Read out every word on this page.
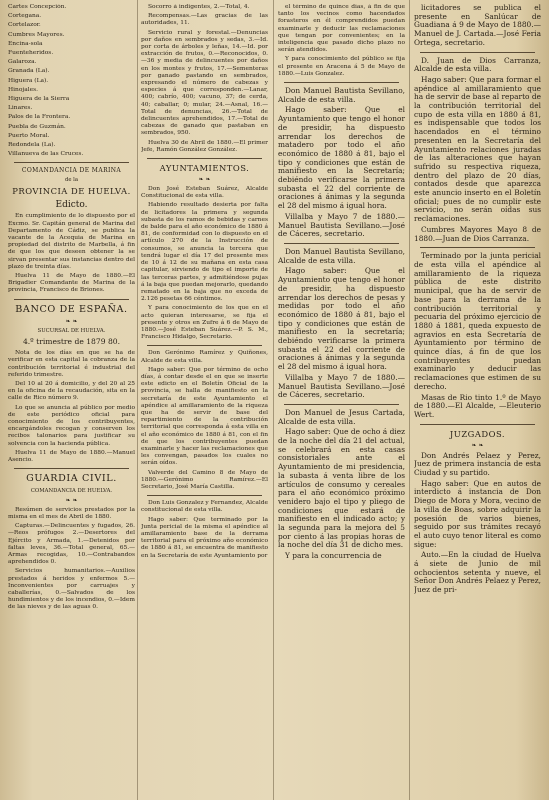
Cartes Concepción.

Cortegana.

Cortelazor.

Cumbres Mayores.

Encina-sola

Fuenteheridos.

Galaroza.

Granada (La).

Higuera (La).

Hinojales.

Higuera de la Sierra

Linares.

Palos de la Frontera.

Puebla de Guzmán.

Puerto Moral.

Redondela (La).

Villanueva de las Cruces.

COMANDANCIA DE MARINA
de la
PROVINCIA DE HUELVA.
Edicto.

En cumplimiento de lo dispuesto por el Excmo. Sr. Capitán general de Marina del Departamento de Cádiz, se publica la vacante de la Acequia de Marina en propiedad del distrito de Marbella, á fin de que los que deseen obtener la se sirvan presentar sus instancias dentro del plazo de treinta días.

Huelva 11 de Mayo de 1880.—El Brigadier Comandante de Marina de la provincia, Francisco de Briones.

BANCO DE ESPAÑA.
❧ ❧
SUCURSAL DE HUELVA.
4.º trimestre de 1879 80.

Nota de los días en que se ha de verificar en esta capital la cobranza de la contribución territorial é industrial del referido trimestre.

Del 10 al 20 á domicilio, y del 20 al 25 en la oficina de la recaudación, sita en la calle de Rico número 9.

Lo que se anuncia al público por medio de este periódico oficial para conocimiento de los contribuyentes, encargándoles recogan y conserven los recibos talonarios para justificar su solvencia con la hacienda pública.

Huelva 11 de Mayo de 1880.—Manuel Asencio.

GUARDIA CIVIL.
COMANDANCIA DE HUELVA.
❧ ❧

Resúmen de servicios prestados por la misma en el mes de Abril de 1880.

Capturas.—Delincuentes y fugados, 26.—Reos prófugos 2.—Desertores del Ejército y Armada, 1.—Detenidos por faltas leves, 36.—Total general, 65.—Armas recogidas, 10.—Contrabandos aprehendidos 0.

Servicios humanitarios.—Auxilios prestados á heridos y enfermos 5.—Inconvenientes por carruajes y caballerías, 0.—Salvados de los hundimientos y de los incendios, 0.—Idem de las nieves y de las aguas 0.

Socorro á indigentes, 2.—Total, 4.

Recompensas.—Las gracias de las autoridades, 11.

Servicio rural y forestal.—Denuncias por daños en sembrados y sedas, 3.—Id. por corta de árboles y leñas, 14.—Id. por extracción de frutos, 0.—Reconocidos, 0.—36 y media de delincuentes por daños en los montes y frutos, 17.—Sementeras por ganado pastando en sembrados, expresando el número de cabezas y especies á que corresponden.—Lanar, 400; cabrío, 400; vacuno, 37; de cerda, 40; caballar, 0; mular, 24.—Asnal, 16.—Total de denuncias, 26.—Total de delincuentes aprehendidos, 17.—Total de cabezas de ganado que pastaban en sembrados, 950.

Huelva 30 de Abril de 1880.—El primer Jefe, Ramón González González.

AYUNTAMIENTOS.
❧ ❧

Don José Esteban Suárez, Alcalde Constitucional de esta villa.

Habiendo resultado desierta por falta de licitadores la primera y segunda subasta de los ramos de bebidas y carnes de balde para el año económico de 1880 á 81, de conformidad con lo dispuesto en el artículo 270 de la Instrucción de consumos, se anuncia la tercera que tendrá lugar el día 17 del presente mes de 10 á 12 de su mañana en esta casa capitular, sirviendo de tipo el importe de las terceras partes, y admitiéndose pujas á la baja que puedan mejorarlo, quedando rematado en la baja que no exceda de 2.126 pesetas 66 céntimos.

Y para conocimiento de los que en el acto quieran interesarse, se fija el presente y otros en Zufre á 6 de Mayo de 1880.—José Esteban Suárez.—P. S. M., Francisco Hidalgo, Secretario.

Don Gerónimo Ramírez y Quiñones, Alcalde de esta villa.

Hago saber: Que por término de ocho días, á contar desde el en que se inserte este edicto en el Boletín Oficial de la provincia, se halla de manifiesto en la secretaría de este Ayuntamiento el apéndice al amillaramiento de la riqueza que ha de servir de base del repartimiento de la contribución territorial que corresponda á esta villa en el año económico de 1880 á 81, con el fin de que los contribuyentes puedan examinarle y hacer las reclamaciones que les convengan, pasados los cuales no serán oídos.

Valverde del Camino 8 de Mayo de 1880.—Gerónimo Ramírez.—El Secretario, José María Castilla.

Don Luis Gonzalez y Fernandez, Alcalde constitucional de esta villa.

Hago saber: Que terminado por la Junta pericial de la misma el apéndice al amillaramiento base de la derrama territorial para el próximo año económico de 1880 á 81, se encuentra de manifiesto en la Secretaría de este Ayuntamiento por

el término de quince días, á fin de que tanto los vecinos como hacendados forasteros en él comprendidos puedan examinarle y deducir las reclamaciones que tengan por convenientes; en la inteligencia que pasado dicho plazo no serán atendidos.

Y para conocimiento del público se fija el presente en Aracena á 5 de Mayo de 1880.—Luis Gonzalez.

Don Manuel Bautista Sevillano, Alcalde de esta villa.

Hago saber: Que el Ayuntamiento que tengo el honor de presidir, ha dispuesto arrendar los derechos de matadero por todo el año económico de 1880 á 81, bajo el tipo y condiciones que están de manifiesto en la Secretaría; debiéndo verificarse la primera subasta el 22 del corriente de oraciones á ánimas y la segunda el 28 del mismo á igual hora.

Villalba y Mayo 7 de 1880.—Manuel Bautista Sevillano.—José de Cáceres, secretario.

Don Manuel Bautista Sevillano, Alcalde de esta villa.

Hago saber: Que el Ayuntamiento que tengo el honor de presidir, ha dispuesto arrendar los derechos de pesas y medidas por todo el año económico de 1880 á 81, bajo el tipo y condiciones que están de manifiesto en la secretaría; debiéndo verificarse la primera subasta el 22 del corriente de oraciones á ánimas y la segunda el 28 del mismo á igual hora.

Villalba y Mayo 7 de 1880.—Manuel Bautista Sevillano.—José de Cáceres, secretario.

Don Manuel de Jesus Cartada, Alcalde de esta villa.

Hago saber: Que de ocho á diez de la noche del día 21 del actual, se celebrará en esta casas consistoriales ante el Ayuntamiento de mi presidencia, la subasta á venta libre de los artículos de consumo y cereales para el año económico próximo venidero bajo el tipo y pliego de condiciones que estará de manifiesto en el indicado acto; y la segunda para la mejora del 5 por ciento á las propias horas de la noche del día 31 de dicho mes.

Y para la concurrencia de

licitadores se publica el presente en Sanlúcar de Guadiana á 9 de Mayo de 1880.—Manuel de J. Cartada.—José Feria Ortega, secretario.

D. Juan de Dios Carranza, Alcalde de esta villa.

Hago saber: Que para formar el apéndice al amillaramiento que ha de servir de base al reparto de la contribución territorial del cupo de esta villa en 1880 á 81, es indispensable que todos los hacendados en el término presenten en la Secretaría del Ayuntamiento relaciones juradas de las alteraciones que hayan sufrido su respectiva riqueza, dentro del plazo de 20 días, contados desde que aparezca este anuncio inserto en el Boletín oficial; pues de no cumplir este servicio, no serán oídas sus reclamaciones.

Cumbres Mayores Mayo 8 de 1880.—Juan de Dios Carranza.

Terminado por la junta pericial de esta villa el apéndice al amillaramiento de la riqueza pública de este distrito municipal, que ha de servir de base para la derrama de la contribución territorial y pecuaria del próximo ejercicio de 1880 á 1881, queda expuesto de agravios en esta Secretaría de Ayuntamiento por término de quince días, á fin de que los contribuyentes puedan examinarlo y deducir las reclamaciones que estimen de su derecho.

Masas de Rio tinto 1.º de Mayo de 1880.—El Alcalde, —Eleuterio Wert.

JUZGADOS.
❧ ❧

Don Andrés Pelaez y Perez, Juez de primera instancia de esta Ciudad y su partido.

Hago saber: Que en autos de interdicto á instancia de Don Diego de Mora y Mora, vecino de la villa de Boas, sobre adquirir la posesión de varios bienes, seguido por sus trámites recayó el auto cuyo tenor literal es como sigue:

Auto.—En la ciudad de Huelva á siete de Junio de mil ochocientos setenta y nueve, el Señor Don Andrés Pelaez y Perez, Juez de pri-
